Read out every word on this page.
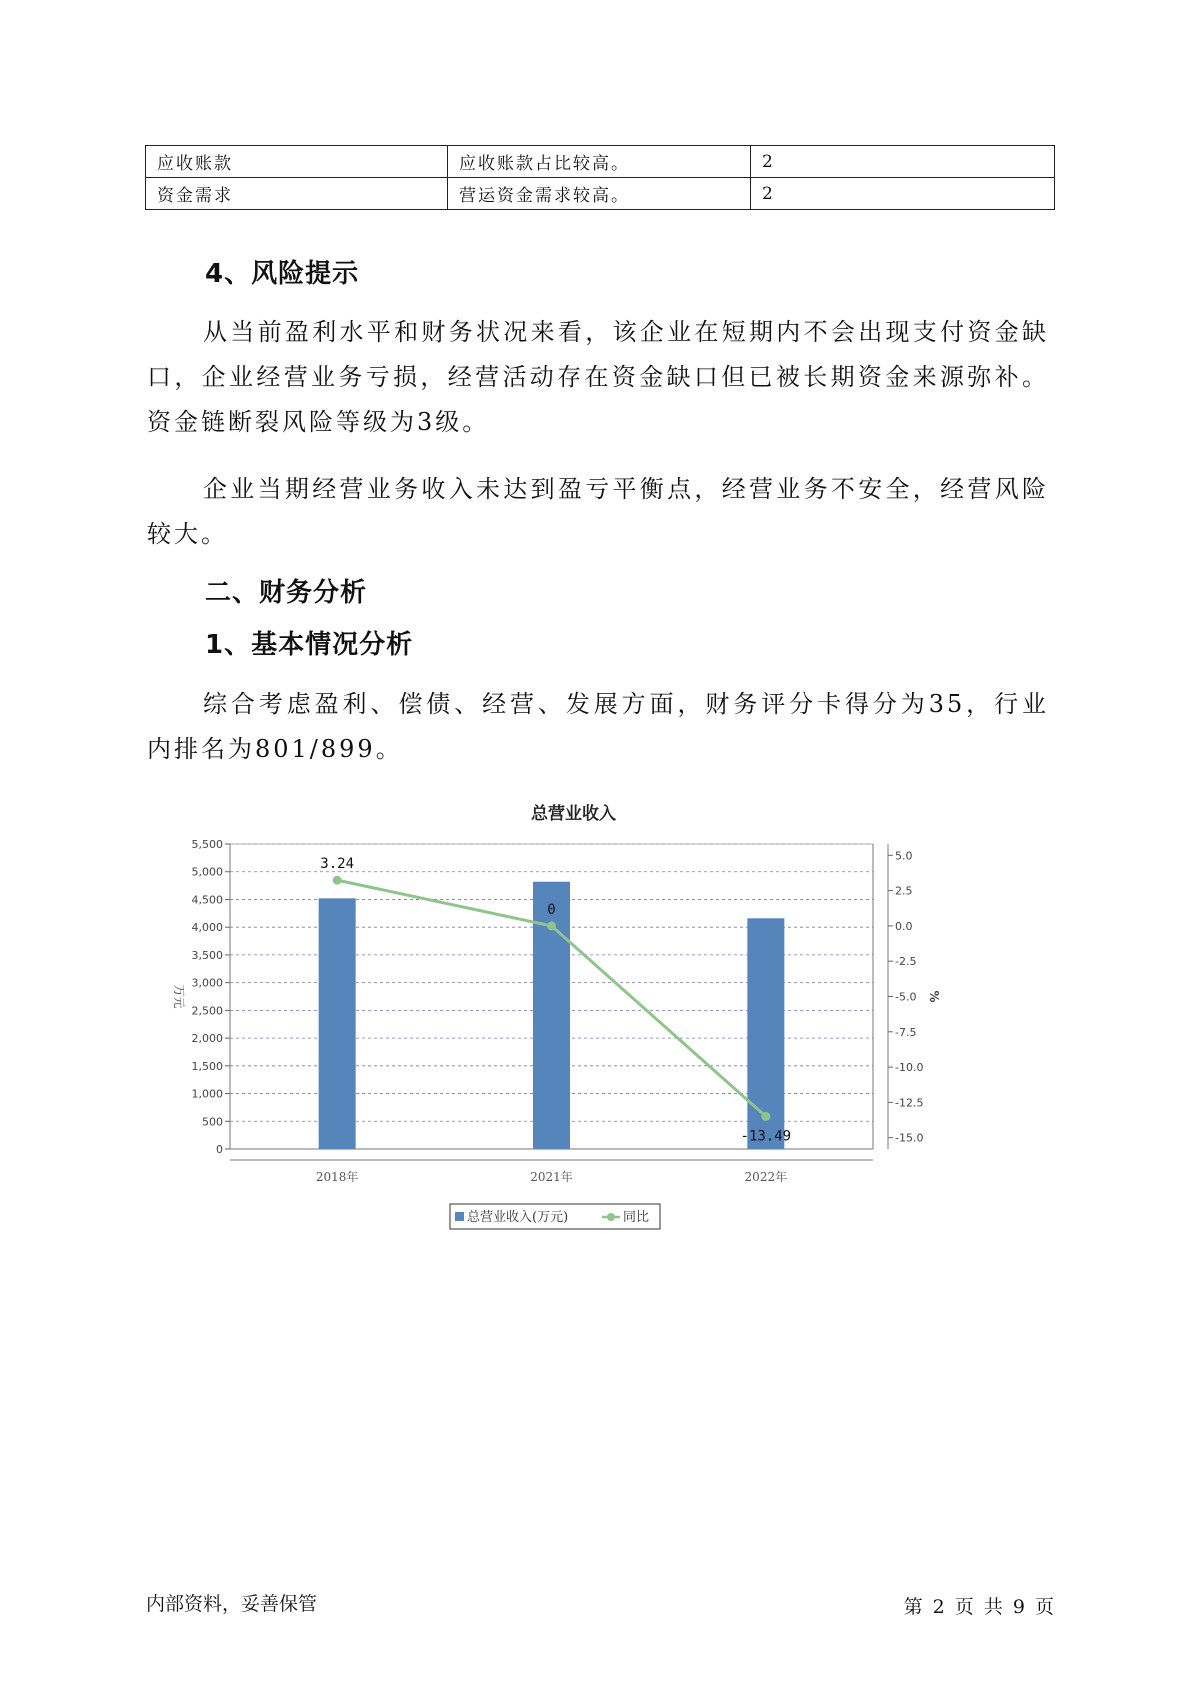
应收账款	应收账款占比较高。	2
资金需求	营运资金需求较高。	2
4、风险提示

从当前盈利水平和财务状况来看，该企业在短期内不会出现支付资金缺口，企业经营业务亏损，经营活动存在资金缺口但已被长期资金来源弥补。资金链断裂风险等级为3级。

企业当期经营业务收入未达到盈亏平衡点，经营业务不安全，经营风险较大。

二、财务分析
1、基本情况分析

综合考虑盈利、偿债、经营、发展方面，财务评分卡得分为35，行业内排名为801/899。

总营业收入
0
500
1,000
1,500
2,000
2,500
3,000
3,500
4,000
4,500
5,000
5,500
5.0
2.5
0.0
-2.5
-5.0
-7.5
-10.0
-12.5
-15.0
万元	%
2018年	2021年	2022年
3.24
0
-13.49
总营业收入(万元)	同比
内部资料，妥善保管	第 2 页 共 9 页
